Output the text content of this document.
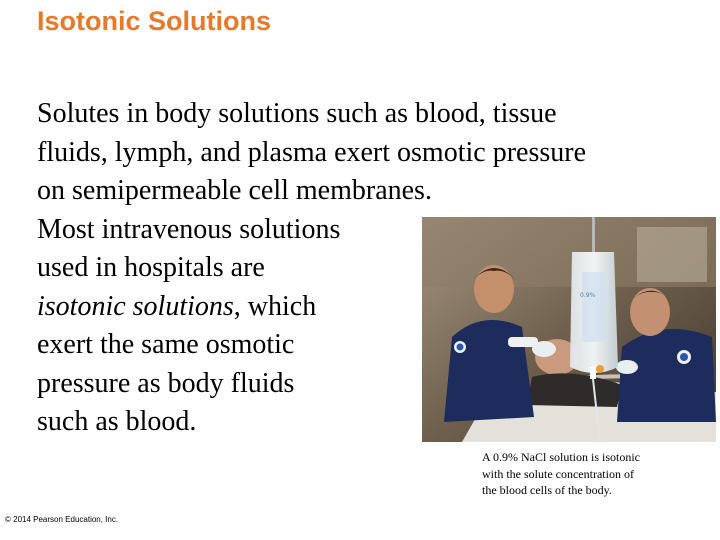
Isotonic Solutions
Solutes in body solutions such as blood, tissue
fluids, lymph, and plasma exert osmotic pressure
on semipermeable cell membranes.
Most intravenous solutions
used in hospitals are
isotonic solutions, which
exert the same osmotic
pressure as body fluids
such as blood.
0.9%
A 0.9% NaCl solution is isotonic
with the solute concentration of
the blood cells of the body.

© 2014 Pearson Education, Inc.
